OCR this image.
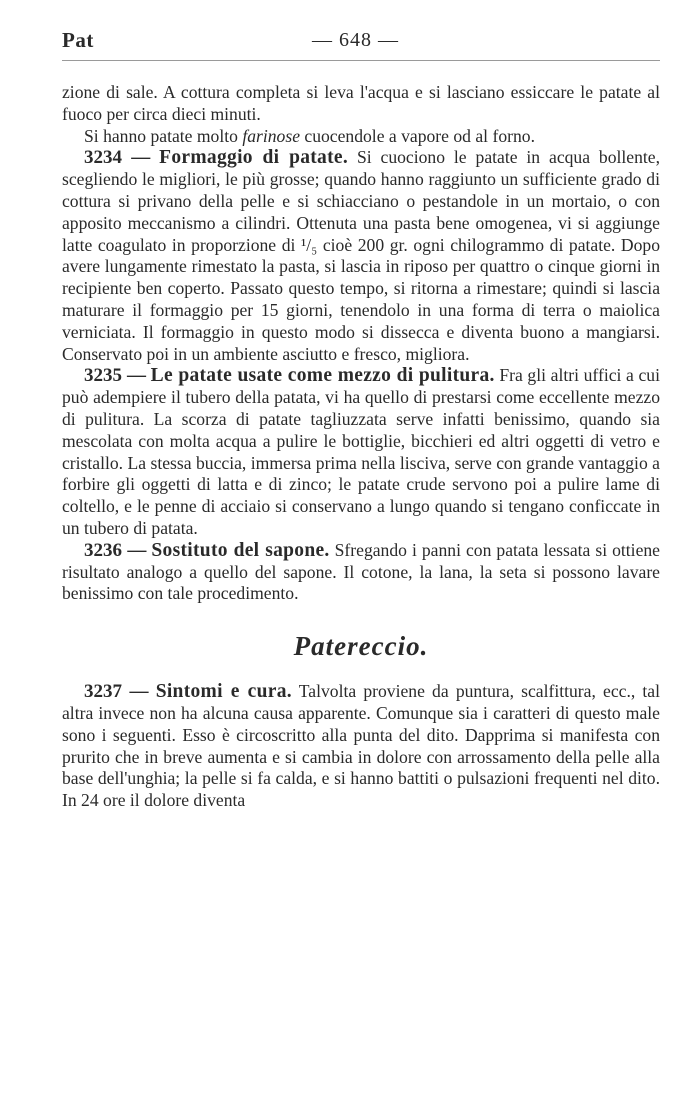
Pat	— 648 —

zione di sale. A cottura completa si leva l'acqua e si lasciano essiccare le patate al fuoco per circa dieci minuti.

Si hanno patate molto farinose cuocendole a vapore od al forno.

3234 — Formaggio di patate. Si cuociono le patate in acqua bollente, scegliendo le migliori, le più grosse; quando hanno raggiunto un sufficiente grado di cottura si privano della pelle e si schiacciano o pestandole in un mortaio, o con apposito meccanismo a cilindri. Ottenuta una pasta bene omogenea, vi si aggiunge latte coagulato in proporzione di ¹/₅ cioè 200 gr. ogni chilogrammo di patate. Dopo avere lungamente rimestato la pasta, si lascia in riposo per quattro o cinque giorni in recipiente ben coperto. Passato questo tempo, si ritorna a rimestare; quindi si lascia maturare il formaggio per 15 giorni, tenendolo in una forma di terra o maiolica verniciata. Il formaggio in questo modo si dissecca e diventa buono a mangiarsi. Conservato poi in un ambiente asciutto e fresco, migliora.

3235 — Le patate usate come mezzo di pulitura. Fra gli altri uffici a cui può adempiere il tubero della patata, vi ha quello di prestarsi come eccellente mezzo di pulitura. La scorza di patate tagliuzzata serve infatti benissimo, quando sia mescolata con molta acqua a pulire le bottiglie, bicchieri ed altri oggetti di vetro e cristallo. La stessa buccia, immersa prima nella lisciva, serve con grande vantaggio a forbire gli oggetti di latta e di zinco; le patate crude servono poi a pulire lame di coltello, e le penne di acciaio si conservano a lungo quando si tengano conficcate in un tubero di patata.

3236 — Sostituto del sapone. Sfregando i panni con patata lessata si ottiene risultato analogo a quello del sapone. Il cotone, la lana, la seta si possono lavare benissimo con tale procedimento.

Patereccio.

3237 — Sintomi e cura. Talvolta proviene da puntura, scalfittura, ecc., tal altra invece non ha alcuna causa apparente. Comunque sia i caratteri di questo male sono i seguenti. Esso è circoscritto alla punta del dito. Dapprima si manifesta con prurito che in breve aumenta e si cambia in dolore con arrossamento della pelle alla base dell'unghia; la pelle si fa calda, e si hanno battiti o pulsazioni frequenti nel dito. In 24 ore il dolore diventa
